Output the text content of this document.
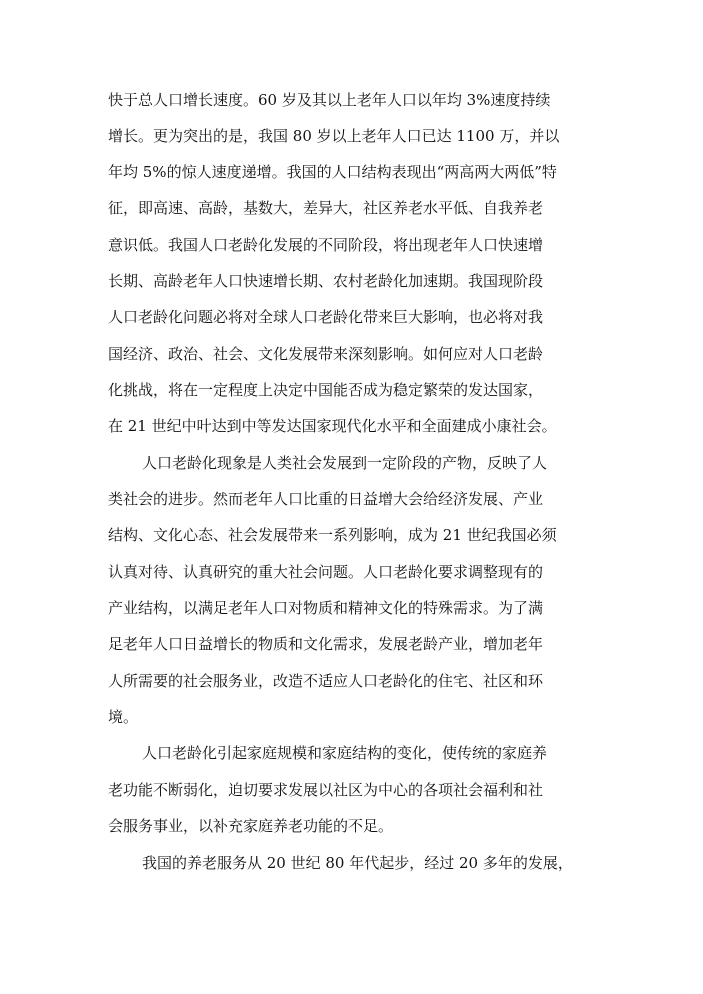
快于总人口增长速度。60 岁及其以上老年人口以年均 3%速度持续
增长。更为突出的是，我国 80 岁以上老年人口已达 1100 万，并以
年均 5%的惊人速度递增。我国的人口结构表现出“两高两大两低”特
征，即高速、高龄，基数大，差异大，社区养老水平低、自我养老
意识低。我国人口老龄化发展的不同阶段，将出现老年人口快速增
长期、高龄老年人口快速增长期、农村老龄化加速期。我国现阶段
人口老龄化问题必将对全球人口老龄化带来巨大影响，也必将对我
国经济、政治、社会、文化发展带来深刻影响。如何应对人口老龄
化挑战，将在一定程度上决定中国能否成为稳定繁荣的发达国家，
在 21 世纪中叶达到中等发达国家现代化水平和全面建成小康社会。
人口老龄化现象是人类社会发展到一定阶段的产物，反映了人
类社会的进步。然而老年人口比重的日益增大会给经济发展、产业
结构、文化心态、社会发展带来一系列影响，成为 21 世纪我国必须
认真对待、认真研究的重大社会问题。人口老龄化要求调整现有的
产业结构，以满足老年人口对物质和精神文化的特殊需求。为了满
足老年人口日益增长的物质和文化需求，发展老龄产业，增加老年
人所需要的社会服务业，改造不适应人口老龄化的住宅、社区和环
境。
人口老龄化引起家庭规模和家庭结构的变化，使传统的家庭养
老功能不断弱化，迫切要求发展以社区为中心的各项社会福利和社
会服务事业，以补充家庭养老功能的不足。
我国的养老服务从 20 世纪 80 年代起步，经过 20 多年的发展，
